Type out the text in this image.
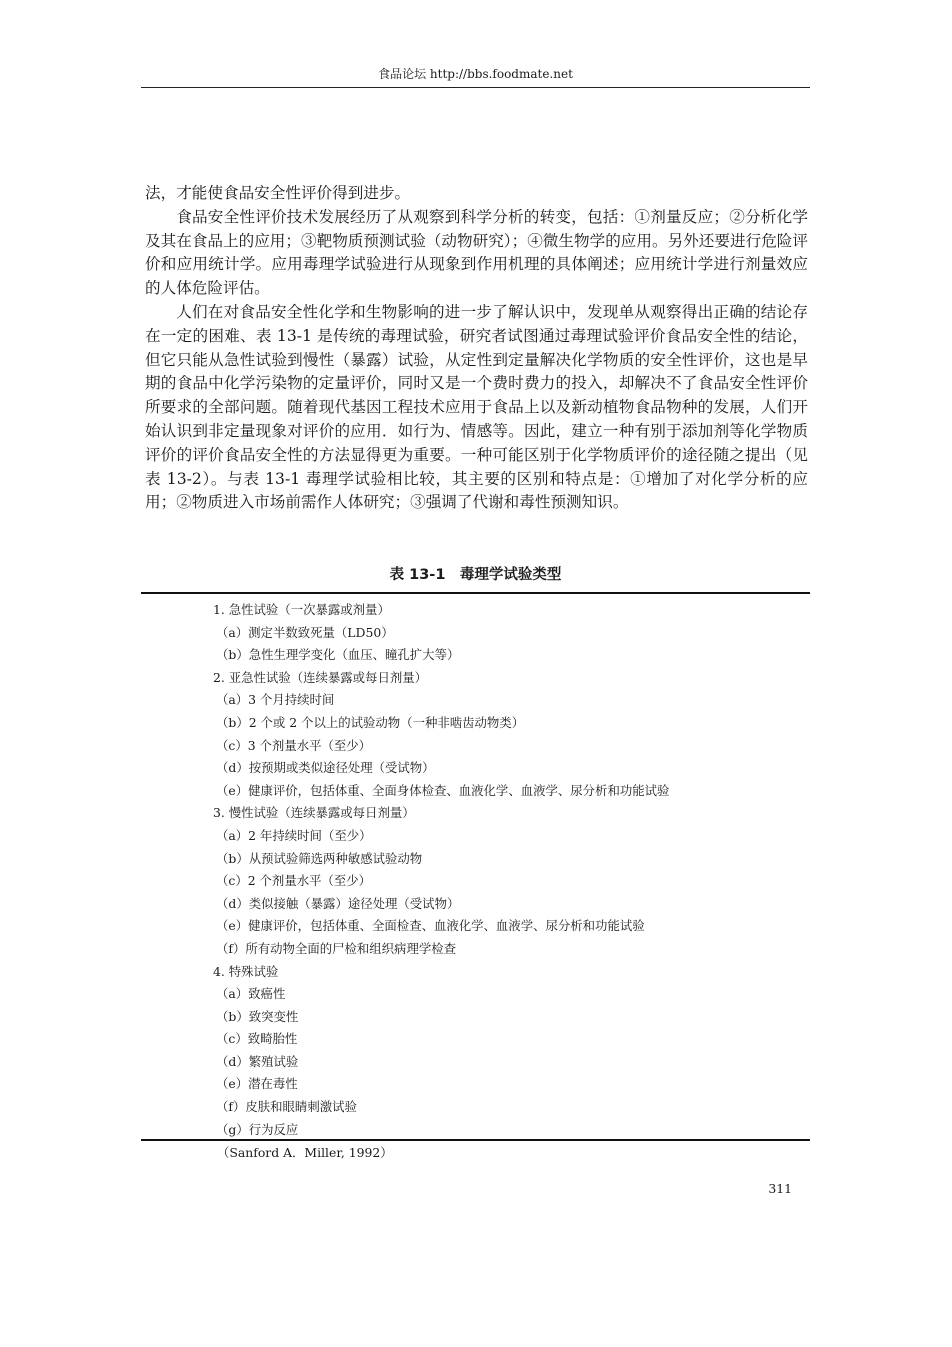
食品论坛 http://bbs.foodmate.net

法，才能使食品安全性评价得到进步。

食品安全性评价技术发展经历了从观察到科学分析的转变，包括：①剂量反应；②分析化学及其在食品上的应用；③靶物质预测试验（动物研究）；④微生物学的应用。另外还要进行危险评价和应用统计学。应用毒理学试验进行从现象到作用机理的具体阐述；应用统计学进行剂量效应的人体危险评估。

人们在对食品安全性化学和生物影响的进一步了解认识中，发现单从观察得出正确的结论存在一定的困难、表 13-1 是传统的毒理试验，研究者试图通过毒理试验评价食品安全性的结论，但它只能从急性试验到慢性（暴露）试验，从定性到定量解决化学物质的安全性评价，这也是早期的食品中化学污染物的定量评价，同时又是一个费时费力的投入，却解决不了食品安全性评价所要求的全部问题。随着现代基因工程技术应用于食品上以及新动植物食品物种的发展，人们开始认识到非定量现象对评价的应用．如行为、情感等。因此，建立一种有别于添加剂等化学物质评价的评价食品安全性的方法显得更为重要。一种可能区别于化学物质评价的途径随之提出（见表 13-2）。与表 13-1 毒理学试验相比较，其主要的区别和特点是：①增加了对化学分析的应用；②物质进入市场前需作人体研究；③强调了代谢和毒性预测知识。

表 13-1　毒理学试验类型
1. 急性试验（一次暴露或剂量）
（a）测定半数致死量（LD50）
（b）急性生理学变化（血压、瞳孔扩大等）
2. 亚急性试验（连续暴露或每日剂量）
（a）3 个月持续时间
（b）2 个或 2 个以上的试验动物（一种非啮齿动物类）
（c）3 个剂量水平（至少）
（d）按预期或类似途径处理（受试物）
（e）健康评价，包括体重、全面身体检查、血液化学、血液学、尿分析和功能试验
3. 慢性试验（连续暴露或每日剂量）
（a）2 年持续时间（至少）
（b）从预试验筛选两种敏感试验动物
（c）2 个剂量水平（至少）
（d）类似接触（暴露）途径处理（受试物）
（e）健康评价，包括体重、全面检查、血液化学、血液学、尿分析和功能试验
（f）所有动物全面的尸检和组织病理学检查
4. 特殊试验
（a）致癌性
（b）致突变性
（c）致畸胎性
（d）繁殖试验
（e）潜在毒性
（f）皮肤和眼睛刺激试验
（g）行为反应
（Sanford A．Miller, 1992）
311
